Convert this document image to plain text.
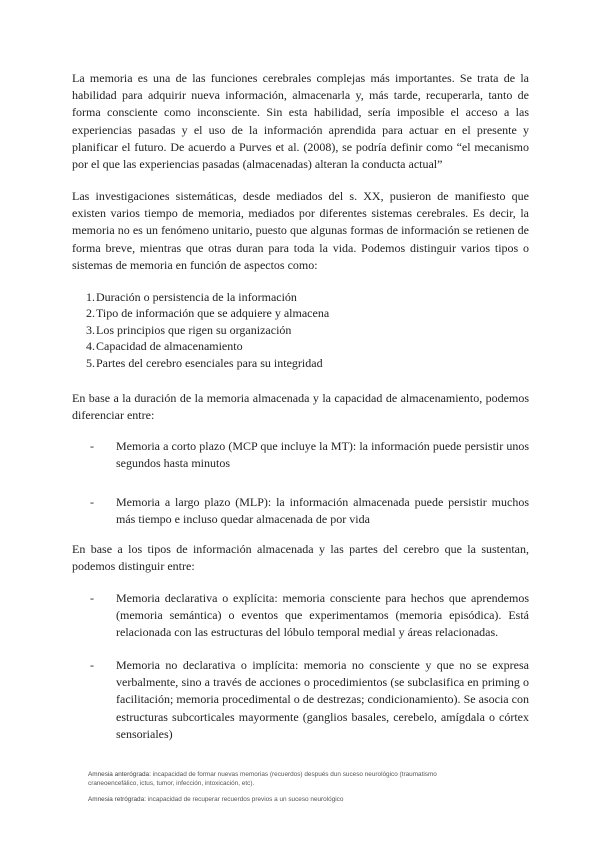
La memoria es una de las funciones cerebrales complejas más importantes. Se trata de la habilidad para adquirir nueva información, almacenarla y, más tarde, recuperarla, tanto de forma consciente como inconsciente. Sin esta habilidad, sería imposible el acceso a las experiencias pasadas y el uso de la información aprendida para actuar en el presente y planificar el futuro. De acuerdo a Purves et al. (2008), se podría definir como “el mecanismo por el que las experiencias pasadas (almacenadas) alteran la conducta actual”

Las investigaciones sistemáticas, desde mediados del s. XX, pusieron de manifiesto que existen varios tiempo de memoria, mediados por diferentes sistemas cerebrales. Es decir, la memoria no es un fenómeno unitario, puesto que algunas formas de información se retienen de forma breve, mientras que otras duran para toda la vida. Podemos distinguir varios tipos o sistemas de memoria en función de aspectos como:

1. Duración o persistencia de la información
2. Tipo de información que se adquiere y almacena
3. Los principios que rigen su organización
4. Capacidad de almacenamiento
5. Partes del cerebro esenciales para su integridad

En base a la duración de la memoria almacenada y la capacidad de almacenamiento, podemos diferenciar entre:

- Memoria a corto plazo (MCP que incluye la MT): la información puede persistir unos segundos hasta minutos
- Memoria a largo plazo (MLP): la información almacenada puede persistir muchos más tiempo e incluso quedar almacenada de por vida

En base a los tipos de información almacenada y las partes del cerebro que la sustentan, podemos distinguir entre:

- Memoria declarativa o explícita: memoria consciente para hechos que aprendemos (memoria semántica) o eventos que experimentamos (memoria episódica). Está relacionada con las estructuras del lóbulo temporal medial y áreas relacionadas.
- Memoria no declarativa o implícita: memoria no consciente y que no se expresa verbalmente, sino a través de acciones o procedimientos (se subclasifica en priming o facilitación; memoria procedimental o de destrezas; condicionamiento). Se asocia con estructuras subcorticales mayormente (ganglios basales, cerebelo, amígdala o córtex sensoriales)

Amnesia anterógrada: incapacidad de formar nuevas memorias (recuerdos) después dun suceso neurológico (traumatismo craneoencefálico, ictus, tumor, infección, intoxicación, etc).

Amnesia retrógrada: incapacidad de recuperar recuerdos previos a un suceso neurológico
